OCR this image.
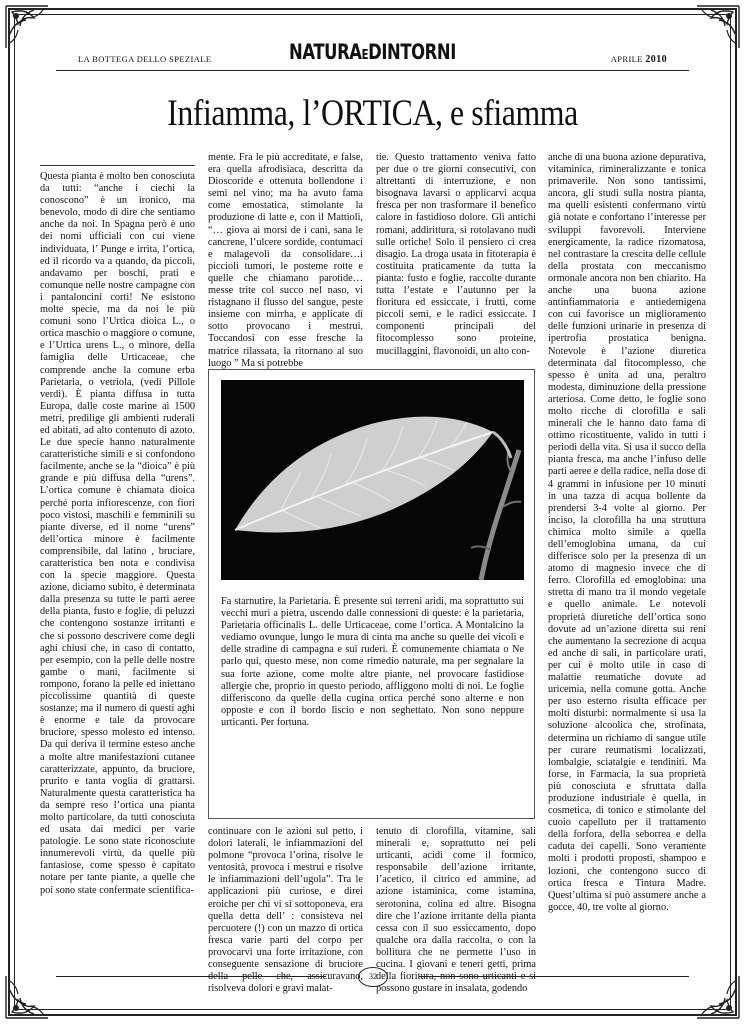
LA BOTTEGA DELLO SPEZIALE	NATURAEDINTORNI	APRILE 2010
Infiamma, l’ORTICA, e sfiamma

Questa pianta è molto ben conosciuta da tutti: “anche i ciechi la conoscono” è un ironico, ma benevolo, modo di dire che sentiamo anche da noi. In Spagna però è uno dei nomi ufficiali con cui viene individuata, l’ Punge e irrita, l’ortica, ed il ricordo va a quando, da piccoli, andavamo per boschi, prati e comunque nelle nostre campagne con i pantaloncini corti! Ne esistono molte specie, ma da noi le più comuni sono l’Urtica dioica L., o ortica maschio o maggiore o comune, e l’Urtica urens L., o minore, della famiglia delle Urticaceae, che comprende anche la comune erba Parietaria, o vetriola, (vedi Pillole verdi). È pianta diffusa in tutta Europa, dalle coste marine ai 1500 metri, predilige gli ambienti ruderali ed abitati, ad alto contenuto di azoto. Le due specie hanno naturalmente caratteristiche simili e si confondono facilmente, anche se la “dioica” è più grande e più diffusa della “urens”. L’ortica comune è chiamata dioica perché porta infiorescenze, con fiori poco vistosi, maschili e femminili su piante diverse, ed il nome “urens” dell’ortica minore è facilmente comprensibile, dal latino , bruciare, caratteristica ben nota e condivisa con la specie maggiore. Questa azione, diciamo subito, è determinata dalla presenza su tutte le parti aeree della pianta, fusto e foglie, di peluzzi che contengono sostanze irritanti e che si possono descrivere come degli aghi chiusi che, in caso di contatto, per esempio, con la pelle delle nostre gambe o mani, facilmente si rompono, forano la pelle ed iniettano piccolissime quantità di queste sostanze; ma il numero di questi aghi è enorme e tale da provocare bruciore, spesso molesto ed intenso. Da qui deriva il termine esteso anche a molte altre manifestazioni cutanee caratterizzate, appunto, da bruciore, prurito e tanta voglia di grattarsi. Naturalmente questa caratteristica ha da sempre reso l’ortica una pianta molto particolare, da tutti conosciuta ed usata dai medici per varie patologie. Le sono state riconosciute innumerevoli virtù, da quelle più fantasiose, come spesso è capitato notare per tante piante, a quelle che poi sono state confermate scientifica-

mente. Fra le più accreditate, e false, era quella afrodisiaca, descritta da Dioscoride e ottenuta bollendone i semi nel vino; ma ha avuto fama come emostatica, stimolante la produzione di latte e, con il Mattioli, “… giova ai morsi de i cani, sana le cancrene, l’ulcere sordide, contumaci e malagevoli da consolidare…i piccioli tumori, le posteme rotte e quelle che chiamano parotide…messe trite col succo nel naso, vi ristagnano il flusso del sangue, peste insieme con mirrha, e applicate di sotto provocano i mestrui. Toccandosi con esse fresche la matrice rilassata, la ritornano al suo luogo ” Ma si potrebbe

tie. Questo trattamento veniva fatto per due o tre giorni consecutivi, con altrettanti di interruzione, e non bisognava lavarsi o applicarvi acqua fresca per non trasformare il benefico calore in fastidioso dolore. Gli antichi romani, addirittura, si rotolavano nudi sulle ortiche! Solo il pensiero ci crea disagio. La droga usata in fitoterapia è costituita praticamente da tutta la pianta: fusto e foglie, raccolte durante tutta l’estate e l’autunno per la fioritura ed essiccate, i frutti, come piccoli semi, e le radici essiccate. I componenti principali del fitocomplesso sono proteine, mucillaggini, flavonoidi, un alto con-

anche di una buona azione depurativa, vitaminica, rimineralizzante e tonica primaverile. Non sono tantissimi, ancora, gli studi sulla nostra pianta, ma quelli esistenti confermano virtù già notate e confortano l’interesse per sviluppi favorevoli. Interviene energicamente, la radice rizomatosa, nel contrastare la crescita delle cellule della prostata con meccanismo ormonale ancora non ben chiarito. Ha anche una buona azione antinfiammatoria e antiedemigena con cui favorisce un miglioramento delle funzioni urinarie in presenza di ipertrofia prostatica benigna. Notevole è l’azione diuretica determinata dal fitocomplesso, che spesso è unita ad una, peraltro modesta, diminuzione della pressione arteriosa. Come detto, le foglie sono molto ricche di clorofilla e sali minerali che le hanno dato fama di ottimo ricostituente, valido in tutti i periodi della vita. Si usa il succo della pianta fresca, ma anche l’infuso delle parti aeree e della radice, nella dose di 4 grammi in infusione per 10 minuti in una tazza di acqua bollente da prendersi 3-4 volte al giorno. Per inciso, la clorofilla ha una struttura chimica molto simile a quella dell’emoglobina umana, da cui differisce solo per la presenza di un atomo di magnesio invece che di ferro. Clorofilla ed emoglobina: una stretta di mano tra il mondo vegetale e quello animale. Le notevoli proprietà diuretiche dell’ortica sono dovute ad un’azione diretta sui reni che aumentano la secrezione di acqua ed anche di sali, in particolare urati, per cui è molto utile in caso di malattie reumatiche dovute ad uricemia, nella comune gotta. Anche per uso esterno risulta efficace per molti disturbi: normalmente si usa la soluzione alcoolica che, strofinata, determina un richiamo di sangue utile per curare reumatismi localizzati, lombalgie, sciatalgie e tendiniti. Ma forse, in Farmacia, la sua proprietà più conosciuta e sfruttata dalla produzione industriale è quella, in cosmetica, di tonico e stimolante del cuoio capelluto per il trattamento della forfora, della seborrea e della caduta dei capelli. Sono veramente molti i prodotti proposti, shampoo e lozioni, che contengono succo di ortica fresca e Tintura Madre. Quest’ultima si può assumere anche a gocce, 40, tre volte al giorno.

Fa starnutire, la Parietaria. È presente sui terreni aridi, ma soprattutto sui vecchi muri a pietra, uscendo dalle connessioni di queste: è la parietaria, Parietaria officinalis L. delle Urticaceae, come l’ortica. A Montalcino la vediamo ovunque, lungo le mura di cinta ma anche su quelle dei vicoli e delle stradine di campagna e sui ruderi. È comunemente chiamata o Ne parlo qui, questo mese, non come rimedio naturale, ma per segnalare la sua forte azione, come molte altre piante, nel provocare fastidiose allergie che, proprio in questo periodo, affliggono molti di noi. Le foglie differiscono da quelle della cugina ortica perché sono alterne e non opposte e con il bordo liscio e non seghettato. Non sono neppure urticanti. Per fortuna.

continuare con le azioni sul petto, i dolori laterali, le infiammazioni del polmone “provoca l’orina, risolve le ventosità, provoca i mestrui e risolve le infiammazioni dell’ugola”. Tra le applicazioni più curiose, e direi eroiche per chi vi si sottoponeva, era quella detta dell’ : consisteva nel percuotere (!) con un mazzo di ortica fresca varie parti del corpo per provocarvi una forte irritazione, con conseguente sensazione di bruciore della pelle che, assicuravano, risolveva dolori e gravi malat-

tenuto di clorofilla, vitamine, sali minerali e, soprattutto nei peli urticanti, acidi come il formico, responsabile dell’azione irritante, l’acetico, il citrico ed ammine, ad azione istaminica, come istamina, serotonina, colina ed altre. Bisogna dire che l’azione irritante della pianta cessa con il suo essiccamento, dopo qualche ora dalla raccolta, o con la bollitura che ne permette l’uso in cucina. I giovani e teneri getti, prima della fioritura, non sono urticanti e si possono gustare in insalata, godendo

32
